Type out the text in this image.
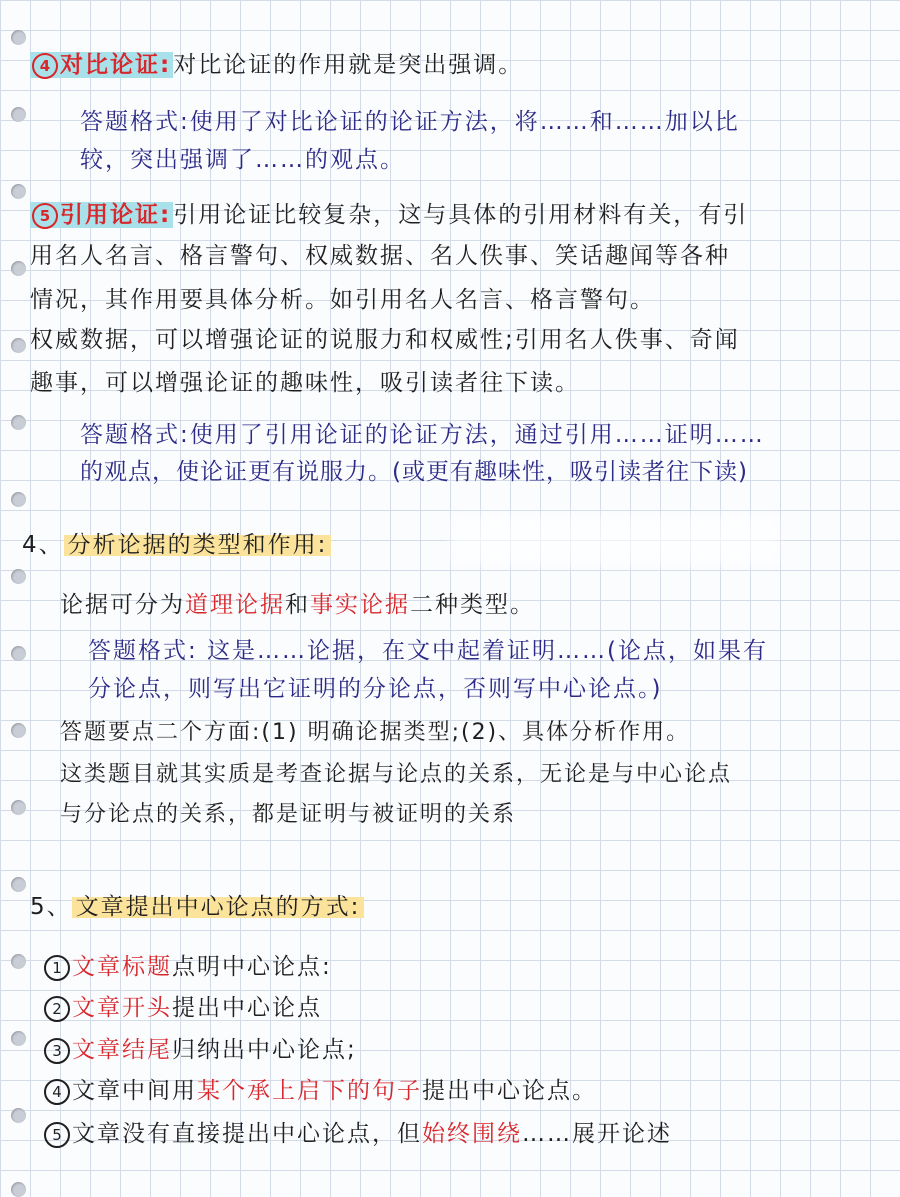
4 对比论证:对比论证的作用就是突出强调。
答题格式:使用了对比论证的论证方法，将……和……加以比
较，突出强调了……的观点。
5 引用论证:引用论证比较复杂，这与具体的引用材料有关，有引
用名人名言、格言警句、权威数据、名人佚事、笑话趣闻等各种
情况，其作用要具体分析。如引用名人名言、格言警句。
权威数据，可以增强论证的说服力和权威性;引用名人佚事、奇闻
趣事，可以增强论证的趣味性，吸引读者往下读。
答题格式:使用了引用论证的论证方法，通过引用……证明……
的观点，使论证更有说服力。(或更有趣味性，吸引读者往下读)
4、 分析论据的类型和作用:
论据可分为道理论据和事实论据二种类型。
答题格式: 这是……论据，在文中起着证明……(论点，如果有
分论点，则写出它证明的分论点，否则写中心论点。)
答题要点二个方面:(1) 明确论据类型;(2)、具体分析作用。
这类题目就其实质是考查论据与论点的关系，无论是与中心论点
与分论点的关系，都是证明与被证明的关系
5、 文章提出中心论点的方式:
1 文章标题点明中心论点:
2 文章开头提出中心论点
3 文章结尾归纳出中心论点;
4 文章中间用某个承上启下的句子提出中心论点。
5 文章没有直接提出中心论点，但始终围绕……展开论述
